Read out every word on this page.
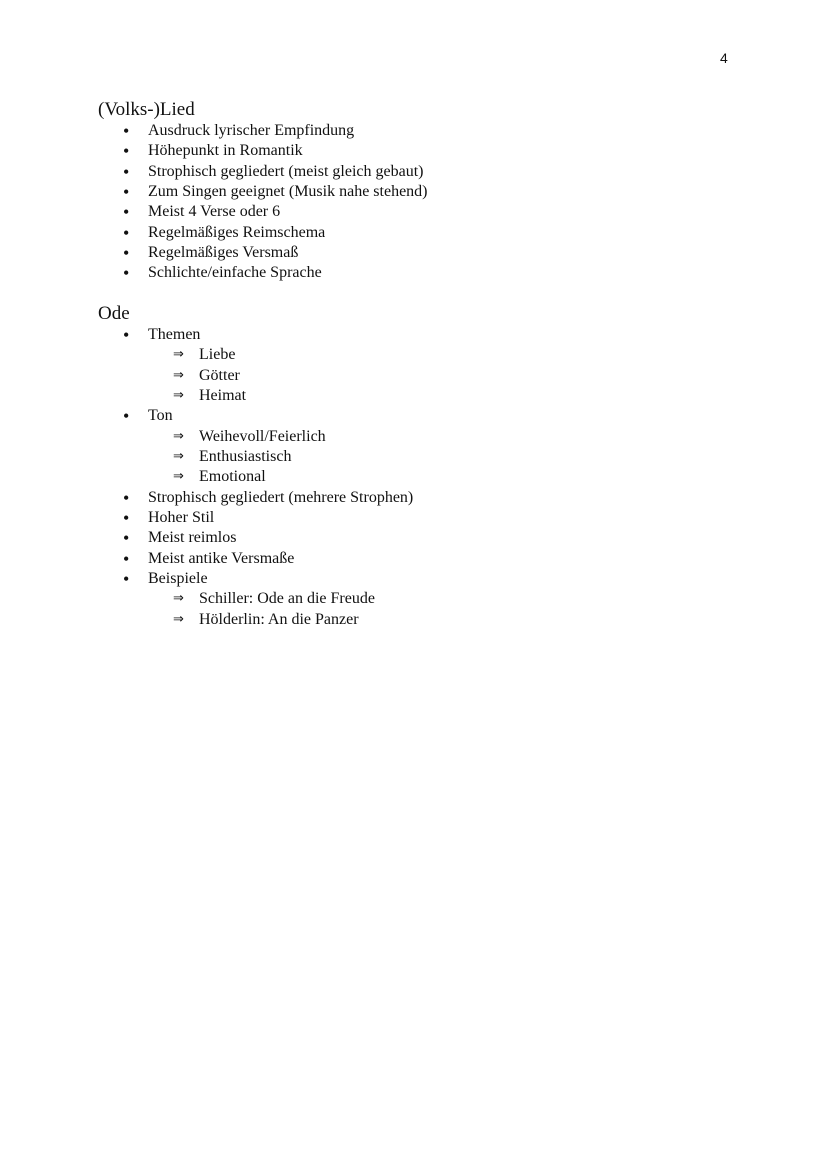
4
(Volks-)Lied
• Ausdruck lyrischer Empfindung
• Höhepunkt in Romantik
• Strophisch gegliedert (meist gleich gebaut)
• Zum Singen geeignet (Musik nahe stehend)
• Meist 4 Verse oder 6
• Regelmäßiges Reimschema
• Regelmäßiges Versmaß
• Schlichte/einfache Sprache
Ode
• Themen
⇒ Liebe
⇒ Götter
⇒ Heimat
• Ton
⇒ Weihevoll/Feierlich
⇒ Enthusiastisch
⇒ Emotional
• Strophisch gegliedert (mehrere Strophen)
• Hoher Stil
• Meist reimlos
• Meist antike Versmaße
• Beispiele
⇒ Schiller: Ode an die Freude
⇒ Hölderlin: An die Panzer
